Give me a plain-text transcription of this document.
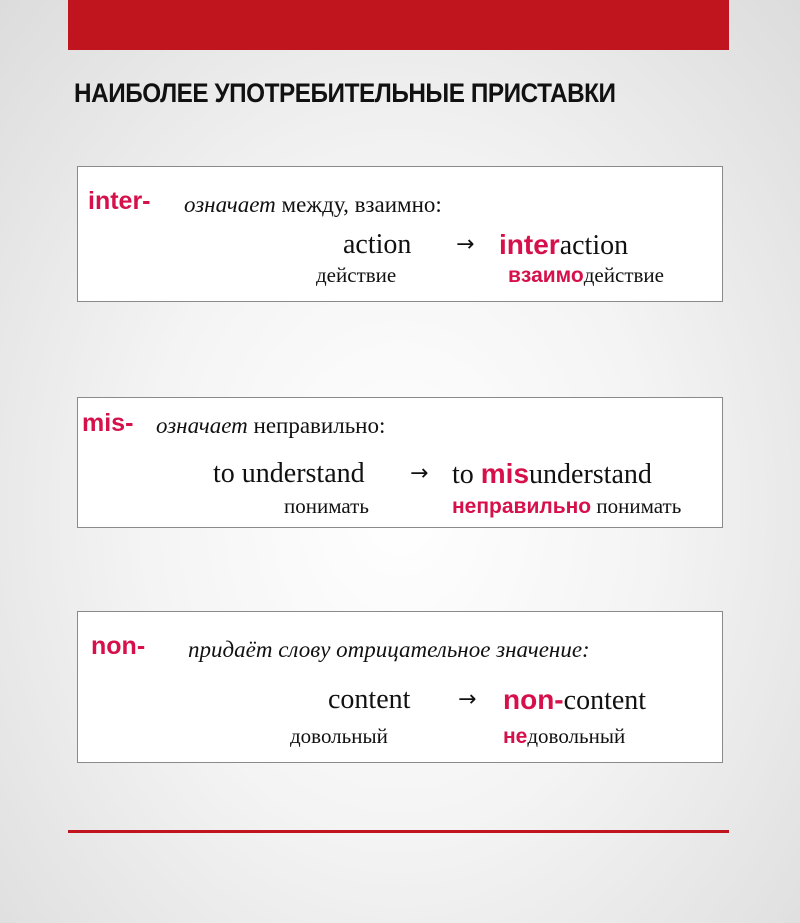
НАИБОЛЕЕ УПОТРЕБИТЕЛЬНЫЕ ПРИСТАВКИ
inter- означает между, взаимно:
action → interaction
действие	взаимодействие
mis- означает неправильно:
to understand → to misunderstand
понимать	неправильно понимать
non- придаёт слову отрицательное значение:
content → non-content
довольный	недовольный
